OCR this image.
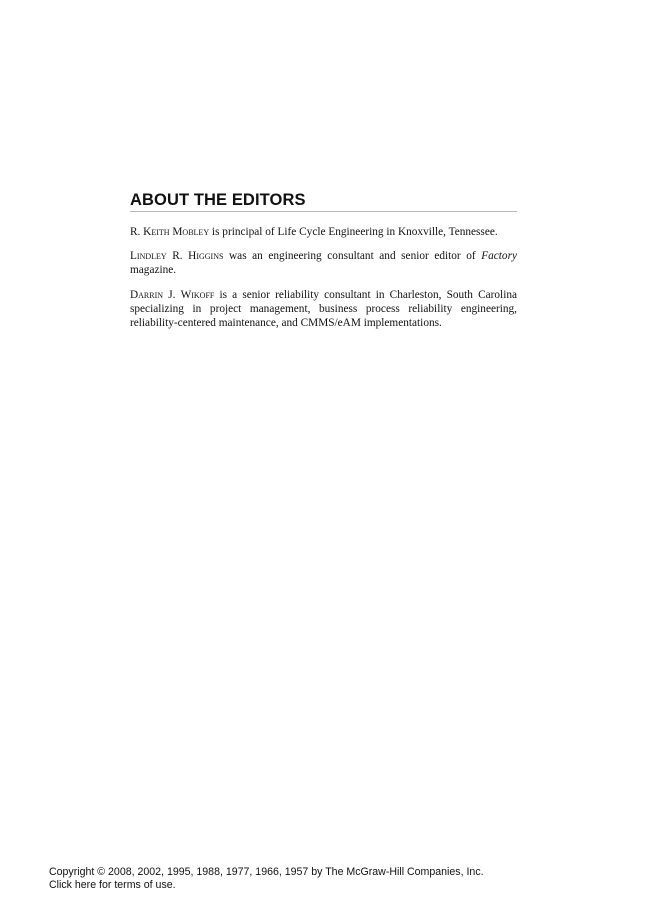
ABOUT THE EDITORS

R. Keith Mobley is principal of Life Cycle Engineering in Knoxville, Tennessee.

Lindley R. Higgins was an engineering consultant and senior editor of Factory magazine.

Darrin J. Wikoff is a senior reliability consultant in Charleston, South Carolina specializing in project management, business process reliability engineering, reliability-centered maintenance, and CMMS/eAM implementations.

Copyright © 2008, 2002, 1995, 1988, 1977, 1966, 1957 by The McGraw-Hill Companies, Inc.
Click here for terms of use.
